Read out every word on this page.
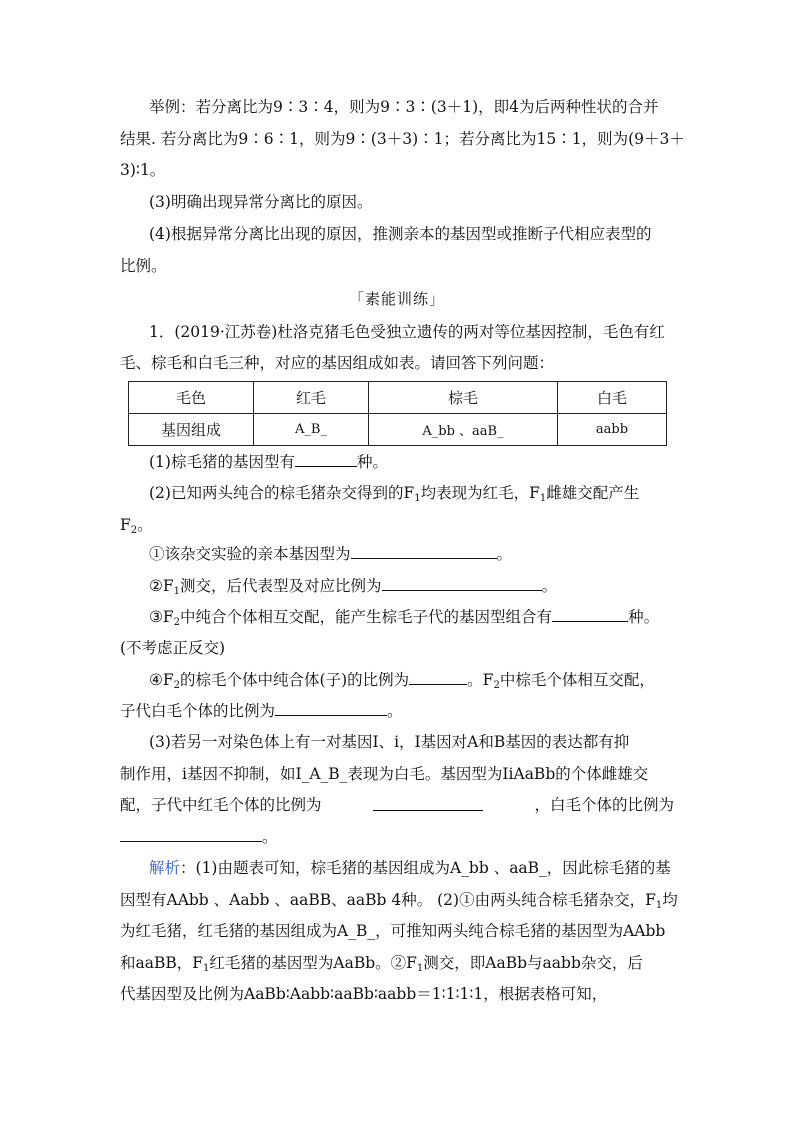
举例：若分离比为9∶3∶4，则为9∶3∶(3＋1)，即4为后两种性状的合并
结果. 若分离比为9∶6∶1，则为9∶(3＋3)∶1；若分离比为15∶1，则为(9＋3＋
3)∶1。
(3)明确出现异常分离比的原因。
(4)根据异常分离比出现的原因，推测亲本的基因型或推断子代相应表型的
比例。
「素能训练」
1．(2019·江苏卷)杜洛克猪毛色受独立遗传的两对等位基因控制，毛色有红
毛、棕毛和白毛三种，对应的基因组成如表。请回答下列问题：
毛色	红毛	棕毛	白毛
基因组成	A_B_	A_bb 、aaB_	aabb
(1)棕毛猪的基因型有	种。
(2)已知两头纯合的棕毛猪杂交得到的$F_1$均表现为红毛，$F_1$雌雄交配产生
$F_2$。
①该杂交实验的亲本基因型为	。
$②F_1$测交，后代表型及对应比例为	。
$③F_2$中纯合个体相互交配，能产生棕毛子代的基因型组合有	种。
(不考虑正反交)
$④F_2$的棕毛个体中纯合体(子)的比例为	。$F_2$中棕毛个体相互交配，
子代白毛个体的比例为	。
(3)若另一对染色体上有一对基因Ⅰ、i，Ⅰ基因对A和B基因的表达都有抑
制作用，i基因不抑制，如Ⅰ_A_B_表现为白毛。基因型为IiAaBb的个体雌雄交
配，子代中红毛个体的比例为	，白毛个体的比例为
。
解析：(1)由题表可知，棕毛猪的基因组成为A_bb 、aaB_，因此棕毛猪的基
因型有AAbb 、Aabb 、aaBB、aaBb 4种。 (2)①由两头纯合棕毛猪杂交，$F_1$均
为红毛猪，红毛猪的基因组成为A_B_，可推知两头纯合棕毛猪的基因型为AAbb
和aaBB，$F_1$红毛猪的基因型为AaBb。$②F_1$测交，即AaBb与aabb杂交，后
代基因型及比例为AaBb∶Aabb∶aaBb∶aabb＝1∶1∶1∶1，根据表格可知，
